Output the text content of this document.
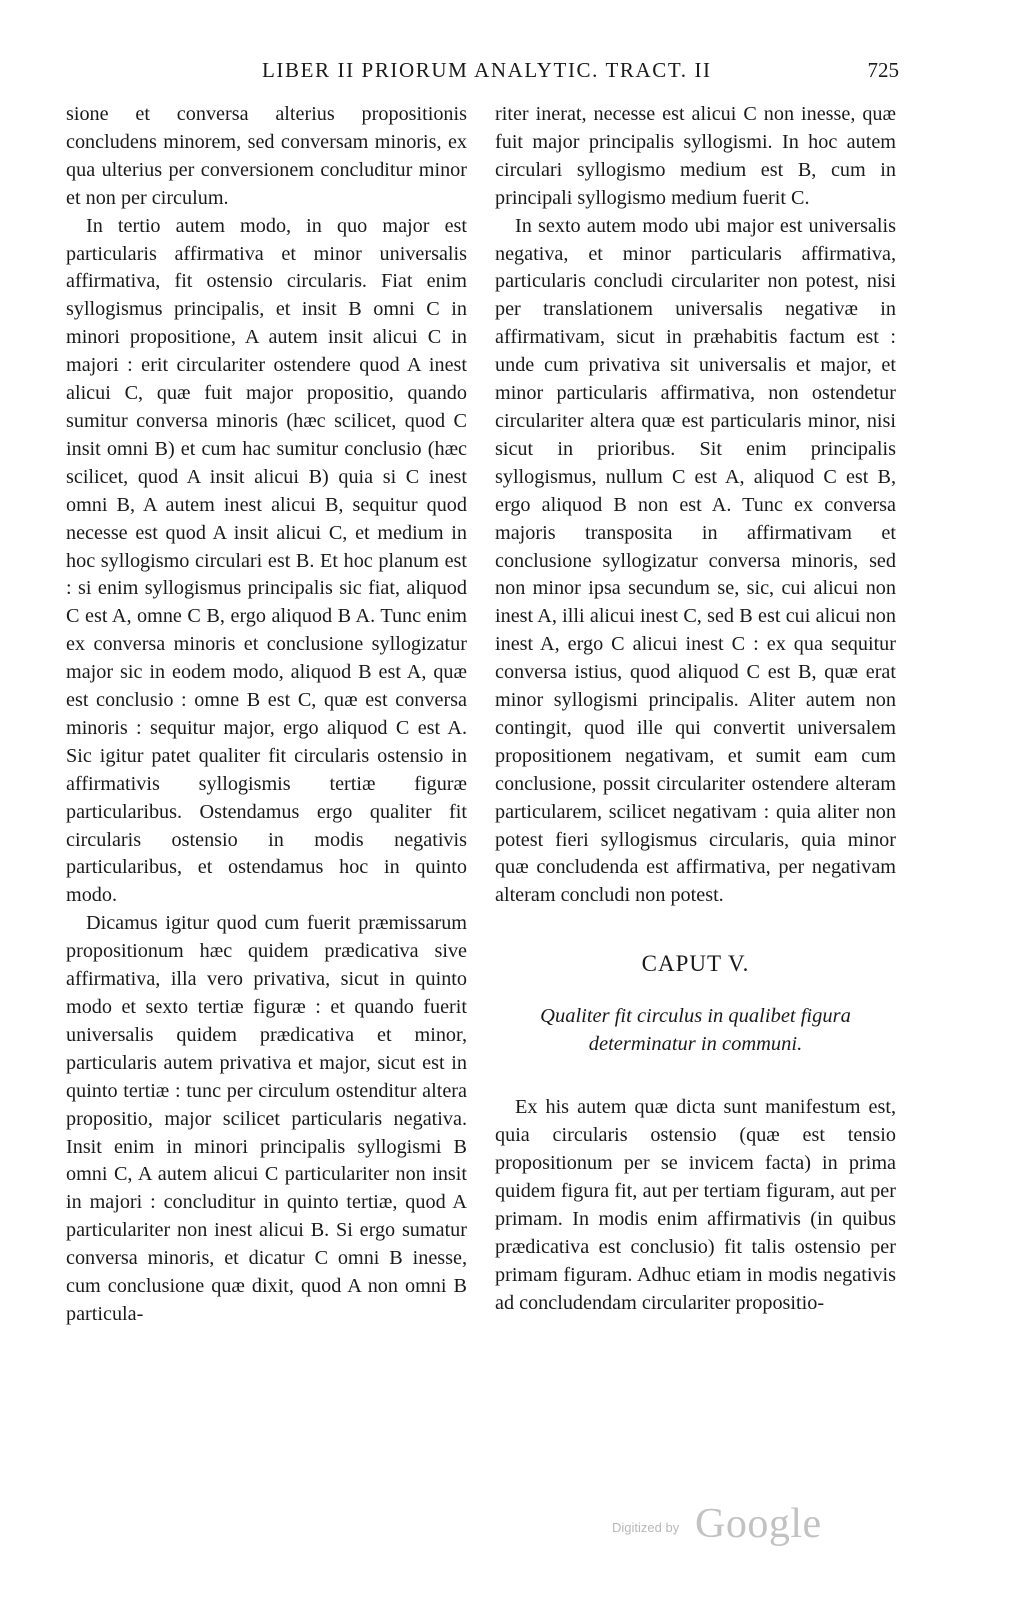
LIBER II PRIORUM ANALYTIC. TRACT. II	725

sione et conversa alterius propositionis concludens minorem, sed conversam minoris, ex qua ulterius per conversionem concluditur minor et non per circulum.

In tertio autem modo, in quo major est particularis affirmativa et minor universalis affirmativa, fit ostensio circularis. Fiat enim syllogismus principalis, et insit B omni C in minori propositione, A autem insit alicui C in majori : erit circulariter ostendere quod A inest alicui C, quæ fuit major propositio, quando sumitur conversa minoris (hæc scilicet, quod C insit omni B) et cum hac sumitur conclusio (hæc scilicet, quod A insit alicui B) quia si C inest omni B, A autem inest alicui B, sequitur quod necesse est quod A insit alicui C, et medium in hoc syllogismo circulari est B. Et hoc planum est : si enim syllogismus principalis sic fiat, aliquod C est A, omne C B, ergo aliquod B A. Tunc enim ex conversa minoris et conclusione syllogizatur major sic in eodem modo, aliquod B est A, quæ est conclusio : omne B est C, quæ est conversa minoris : sequitur major, ergo aliquod C est A. Sic igitur patet qualiter fit circularis ostensio in affirmativis syllogismis tertiæ figuræ particularibus. Ostendamus ergo qualiter fit circularis ostensio in modis negativis particularibus, et ostendamus hoc in quinto modo.

Dicamus igitur quod cum fuerit præmissarum propositionum hæc quidem prædicativa sive affirmativa, illa vero privativa, sicut in quinto modo et sexto tertiæ figuræ : et quando fuerit universalis quidem prædicativa et minor, particularis autem privativa et major, sicut est in quinto tertiæ : tunc per circulum ostenditur altera propositio, major scilicet particularis negativa. Insit enim in minori principalis syllogismi B omni C, A autem alicui C particulariter non insit in majori : concluditur in quinto tertiæ, quod A particulariter non inest alicui B. Si ergo sumatur conversa minoris, et dicatur C omni B inesse, cum conclusione quæ dixit, quod A non omni B particula-

riter inerat, necesse est alicui C non inesse, quæ fuit major principalis syllogismi. In hoc autem circulari syllogismo medium est B, cum in principali syllogismo medium fuerit C.

In sexto autem modo ubi major est universalis negativa, et minor particularis affirmativa, particularis concludi circulariter non potest, nisi per translationem universalis negativæ in affirmativam, sicut in præhabitis factum est : unde cum privativa sit universalis et major, et minor particularis affirmativa, non ostendetur circulariter altera quæ est particularis minor, nisi sicut in prioribus. Sit enim principalis syllogismus, nullum C est A, aliquod C est B, ergo aliquod B non est A. Tunc ex conversa majoris transposita in affirmativam et conclusione syllogizatur conversa minoris, sed non minor ipsa secundum se, sic, cui alicui non inest A, illi alicui inest C, sed B est cui alicui non inest A, ergo C alicui inest C : ex qua sequitur conversa istius, quod aliquod C est B, quæ erat minor syllogismi principalis. Aliter autem non contingit, quod ille qui convertit universalem propositionem negativam, et sumit eam cum conclusione, possit circulariter ostendere alteram particularem, scilicet negativam : quia aliter non potest fieri syllogismus circularis, quia minor quæ concludenda est affirmativa, per negativam alteram concludi non potest.

CAPUT V.
Qualiter fit circulus in qualibet figura determinatur in communi.

Ex his autem quæ dicta sunt manifestum est, quia circularis ostensio (quæ est tensio propositionum per se invicem facta) in prima quidem figura fit, aut per tertiam figuram, aut per primam. In modis enim affirmativis (in quibus prædicativa est conclusio) fit talis ostensio per primam figuram. Adhuc etiam in modis negativis ad concludendam circulariter propositio-

Digitized by Google
